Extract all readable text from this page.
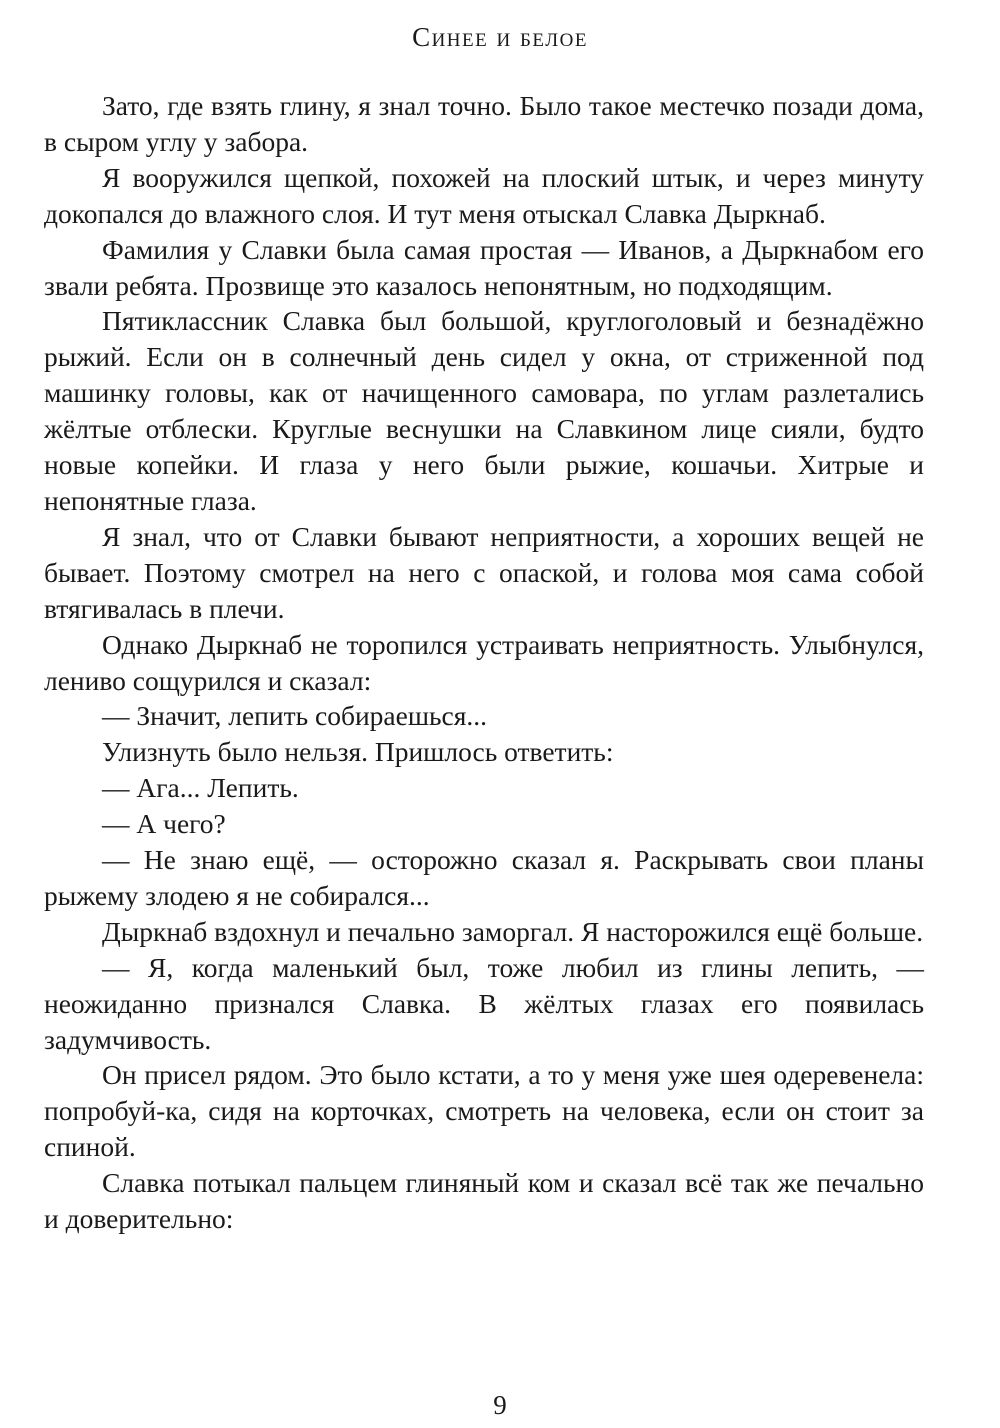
Синее и белое

Зато, где взять глину, я знал точно. Было такое местечко позади дома, в сыром углу у забора.

Я вооружился щепкой, похожей на плоский штык, и через минуту докопался до влажного слоя. И тут меня отыскал Славка Дыркнаб.

Фамилия у Славки была самая простая — Иванов, а Дыркнабом его звали ребята. Прозвище это казалось непонятным, но подходящим.

Пятиклассник Славка был большой, круглоголовый и безнадёжно рыжий. Если он в солнечный день сидел у окна, от стриженной под машинку головы, как от начищенного самовара, по углам разлетались жёлтые отблески. Круглые веснушки на Славкином лице сияли, будто новые копейки. И глаза у него были рыжие, кошачьи. Хитрые и непонятные глаза.

Я знал, что от Славки бывают неприятности, а хороших вещей не бывает. Поэтому смотрел на него с опаской, и голова моя сама собой втягивалась в плечи.

Однако Дыркнаб не торопился устраивать неприятность. Улыбнулся, лениво сощурился и сказал:

— Значит, лепить собираешься...

Улизнуть было нельзя. Пришлось ответить:

— Ага... Лепить.

— А чего?

— Не знаю ещё, — осторожно сказал я. Раскрывать свои планы рыжему злодею я не собирался...

Дыркнаб вздохнул и печально заморгал. Я насторожился ещё больше.

— Я, когда маленький был, тоже любил из глины лепить, — неожиданно признался Славка. В жёлтых глазах его появилась задумчивость.

Он присел рядом. Это было кстати, а то у меня уже шея одеревенела: попробуй-ка, сидя на корточках, смотреть на человека, если он стоит за спиной.

Славка потыкал пальцем глиняный ком и сказал всё так же печально и доверительно:

9
